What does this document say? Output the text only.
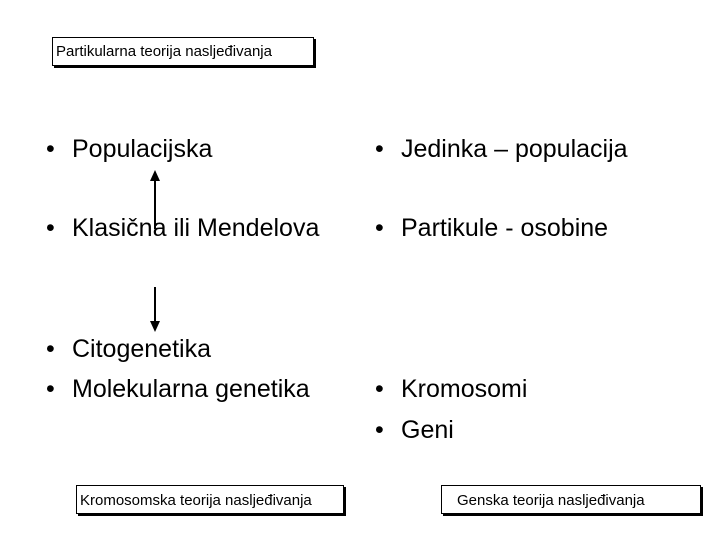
Partikularna teorija nasljeđivanja
• Populacijska
• Klasična ili Mendelova
• Citogenetika
• Molekularna genetika
• Jedinka – populacija
• Partikule - osobine
• Kromosomi
• Geni
Kromosomska teorija nasljeđivanja	Genska teorija nasljeđivanja
